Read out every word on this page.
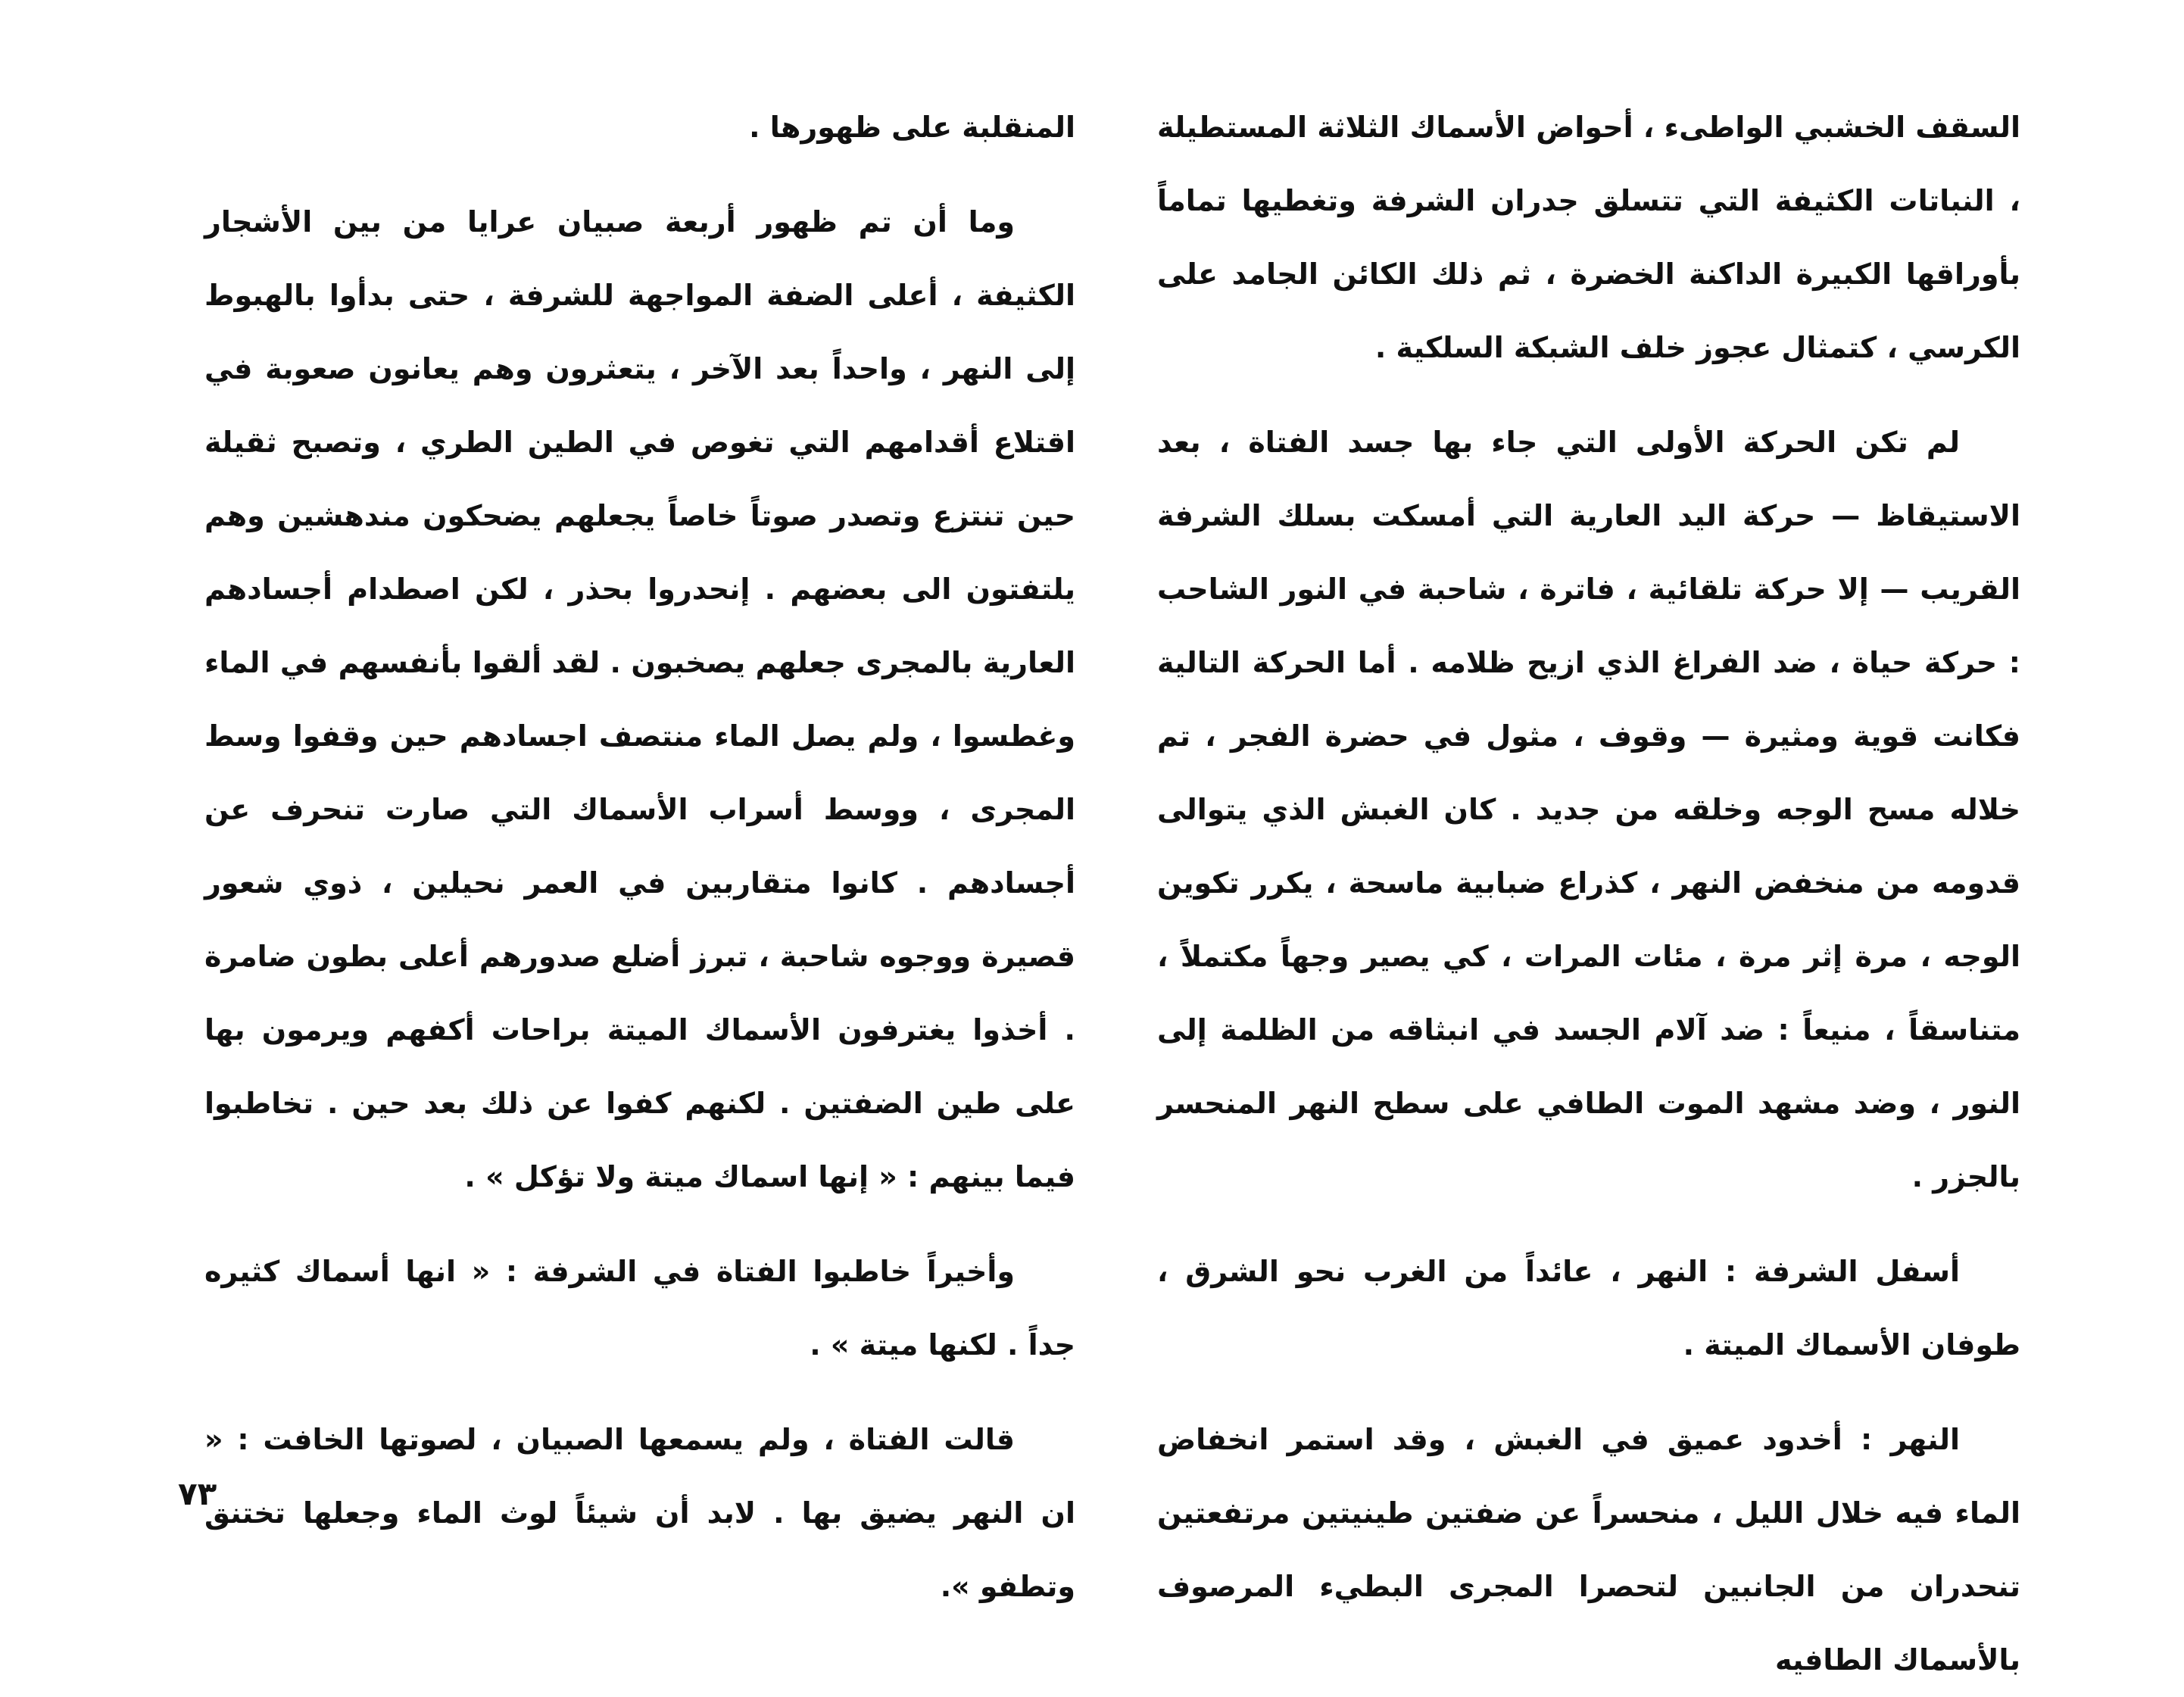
السقف الخشبي الواطىء ، أحواض الأسماك الثلاثة المستطيلة ، النباتات الكثيفة التي تتسلق جدران الشرفة وتغطيها تماماً بأوراقها الكبيرة الداكنة الخضرة ، ثم ذلك الكائن الجامد على الكرسي ، كتمثال عجوز خلف الشبكة السلكية .

لم تكن الحركة الأولى التي جاء بها جسد الفتاة ، بعد الاستيقاظ — حركة اليد العارية التي أمسكت بسلك الشرفة القريب — إلا حركة تلقائية ، فاترة ، شاحبة في النور الشاحب : حركة حياة ، ضد الفراغ الذي ازيح ظلامه . أما الحركة التالية فكانت قوية ومثيرة — وقوف ، مثول في حضرة الفجر ، تم خلاله مسح الوجه وخلقه من جديد . كان الغبش الذي يتوالى قدومه من منخفض النهر ، كذراع ضبابية ماسحة ، يكرر تكوين الوجه ، مرة إثر مرة ، مئات المرات ، كي يصير وجهاً مكتملاً ، متناسقاً ، منيعاً : ضد آلام الجسد في انبثاقه من الظلمة إلى النور ، وضد مشهد الموت الطافي على سطح النهر المنحسر بالجزر .

أسفل الشرفة : النهر ، عائداً من الغرب نحو الشرق ، طوفان الأسماك الميتة .

النهر : أخدود عميق في الغبش ، وقد استمر انخفاض الماء فيه خلال الليل ، منحسراً عن ضفتين طينيتين مرتفعتين تنحدران من الجانبين لتحصرا المجرى البطيء المرصوف بالأسماك الطافيه

المنقلبة على ظهورها .

وما أن تم ظهور أربعة صبيان عرايا من بين الأشجار الكثيفة ، أعلى الضفة المواجهة للشرفة ، حتى بدأوا بالهبوط إلى النهر ، واحداً بعد الآخر ، يتعثرون وهم يعانون صعوبة في اقتلاع أقدامهم التي تغوص في الطين الطري ، وتصبح ثقيلة حين تنتزع وتصدر صوتاً خاصاً يجعلهم يضحكون مندهشين وهم يلتفتون الى بعضهم . إنحدروا بحذر ، لكن اصطدام أجسادهم العارية بالمجرى جعلهم يصخبون . لقد ألقوا بأنفسهم في الماء وغطسوا ، ولم يصل الماء منتصف اجسادهم حين وقفوا وسط المجرى ، ووسط أسراب الأسماك التي صارت تنحرف عن أجسادهم . كانوا متقاربين في العمر نحيلين ، ذوي شعور قصيرة ووجوه شاحبة ، تبرز أضلع صدورهم أعلى بطون ضامرة . أخذوا يغترفون الأسماك الميتة براحات أكفهم ويرمون بها على طين الضفتين . لكنهم كفوا عن ذلك بعد حين . تخاطبوا فيما بينهم : « إنها اسماك ميتة ولا تؤكل » .

وأخيراً خاطبوا الفتاة في الشرفة : « انها أسماك كثيره جداً . لكنها ميتة » .

قالت الفتاة ، ولم يسمعها الصبيان ، لصوتها الخافت : « ان النهر يضيق بها . لابد أن شيئاً لوث الماء وجعلها تختنق وتطفو ».

٧٣
